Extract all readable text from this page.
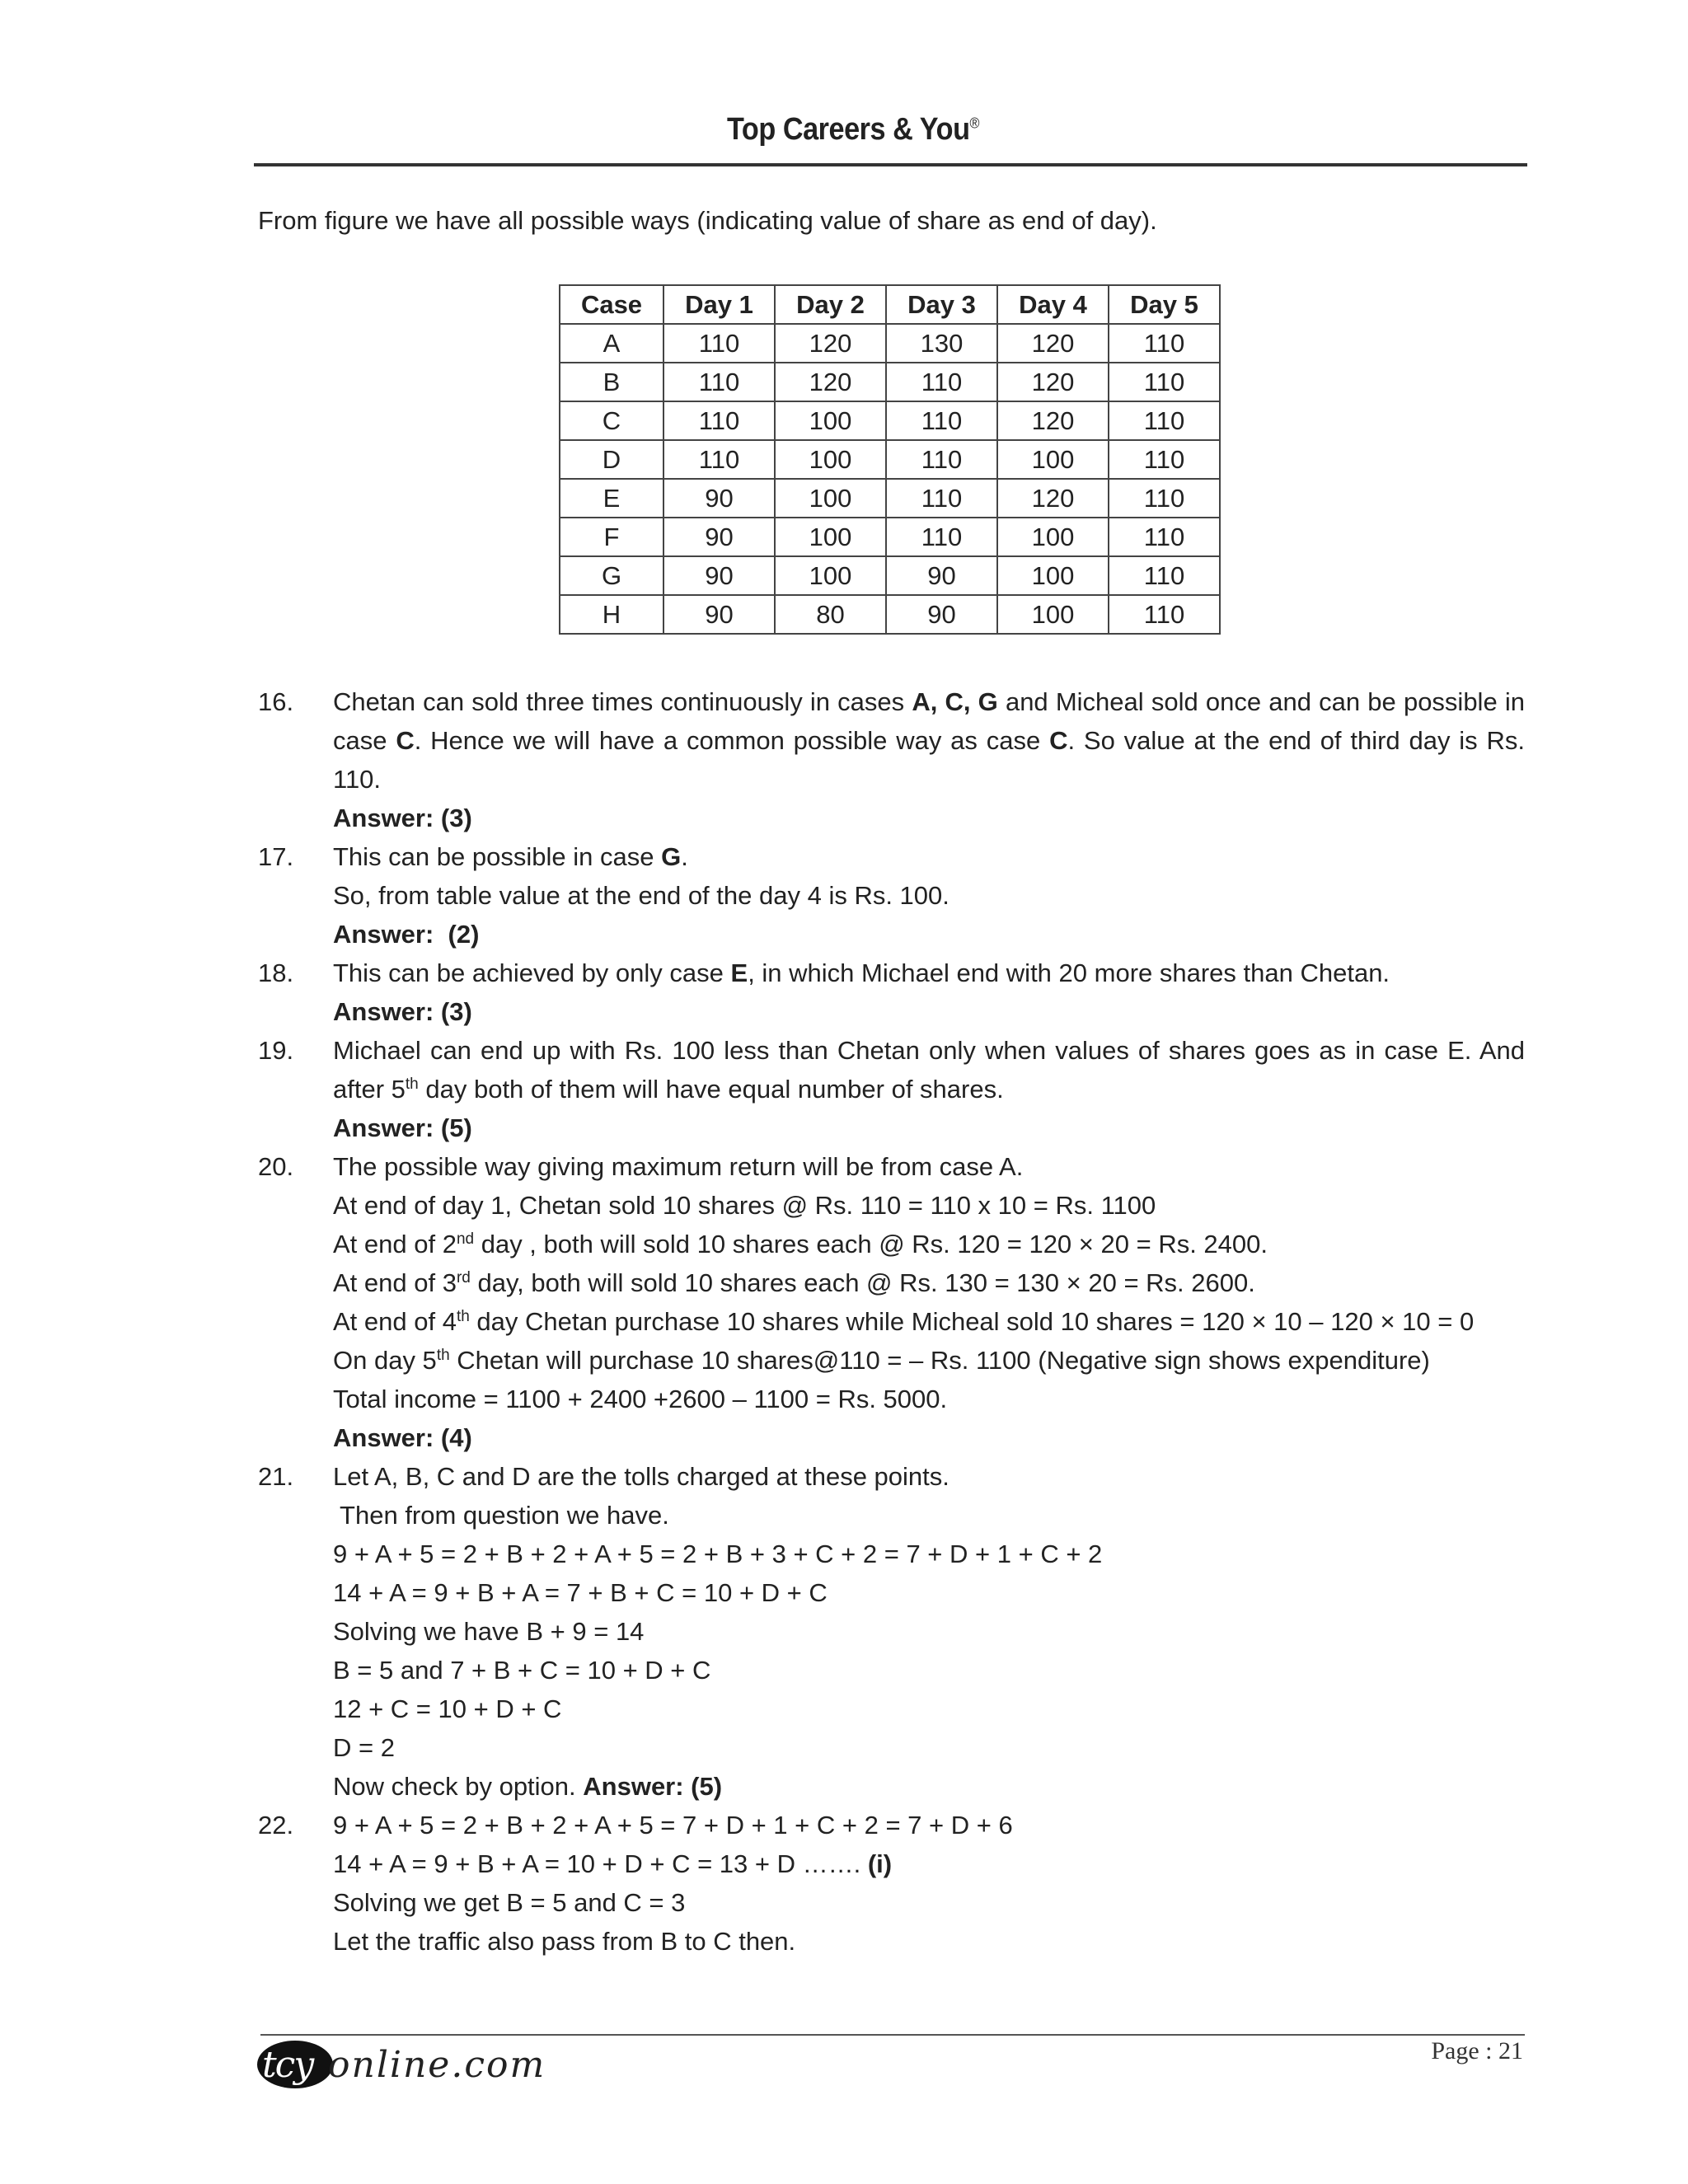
Top Careers & You®
From figure we have all possible ways (indicating value of share as end of day).
Case	Day 1	Day 2	Day 3	Day 4	Day 5
A	110	120	130	120	110
B	110	120	110	120	110
C	110	100	110	120	110
D	110	100	110	100	110
E	90	100	110	120	110
F	90	100	110	100	110
G	90	100	90	100	110
H	90	80	90	100	110
16.	Chetan can sold three times continuously in cases A, C, G and Micheal sold once and can be possible in case C. Hence we will have a common possible way as case C. So value at the end of third day is Rs. 110.
Answer: (3)
17.	This can be possible in case G.
So, from table value at the end of the day 4 is Rs. 100.
Answer:  (2)
18.	This can be achieved by only case E, in which Michael end with 20 more shares than Chetan.
Answer: (3)
19.	Michael can end up with Rs. 100 less than Chetan only when values of shares goes as in case E. And after 5th day both of them will have equal number of shares.
Answer: (5)
20.	The possible way giving maximum return will be from case A.
At end of day 1, Chetan sold 10 shares @ Rs. 110 = 110 x 10 = Rs. 1100
At end of 2nd day , both will sold 10 shares each @ Rs. 120 = 120 × 20 = Rs. 2400.
At end of 3rd day, both will sold 10 shares each @ Rs. 130 = 130 × 20 = Rs. 2600.
At end of 4th day Chetan purchase 10 shares while Micheal sold 10 shares = 120 × 10 – 120 × 10 = 0
On day 5th Chetan will purchase 10 shares@110 = – Rs. 1100 (Negative sign shows expenditure)
Total income = 1100 + 2400 +2600 – 1100 = Rs. 5000.
Answer: (4)
21.	Let A, B, C and D are the tolls charged at these points.
Then from question we have.
9 + A + 5 = 2 + B + 2 + A + 5 = 2 + B + 3 + C + 2 = 7 + D + 1 + C + 2
14 + A = 9 + B + A = 7 + B + C = 10 + D + C
Solving we have B + 9 = 14
B = 5 and 7 + B + C = 10 + D + C
12 + C = 10 + D + C
D = 2
Now check by option. Answer: (5)
22.	9 + A + 5 = 2 + B + 2 + A + 5 = 7 + D + 1 + C + 2 = 7 + D + 6
14 + A = 9 + B + A = 10 + D + C = 13 + D ……. (i)
Solving we get B = 5 and C = 3
Let the traffic also pass from B to C then.
tcy online.com	Page : 21
